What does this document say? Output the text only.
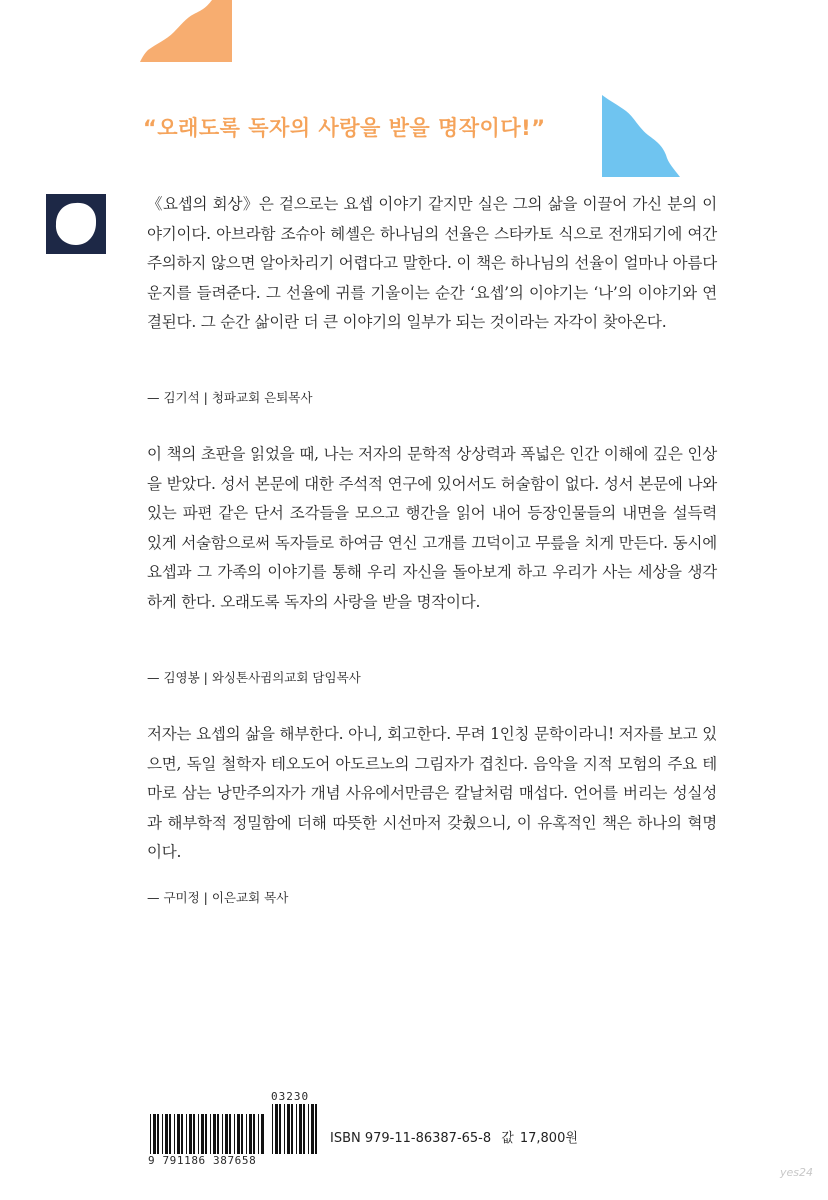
“오래도록 독자의 사랑을 받을 명작이다!”

《요셉의 회상》은 겉으로는 요셉 이야기 같지만 실은 그의 삶을 이끌어 가신 분의 이야기이다. 아브라함 조슈아 헤셸은 하나님의 선율은 스타카토 식으로 전개되기에 여간 주의하지 않으면 알아차리기 어렵다고 말한다. 이 책은 하나님의 선율이 얼마나 아름다운지를 들려준다. 그 선율에 귀를 기울이는 순간 ‘요셉’의 이야기는 ‘나’의 이야기와 연결된다. 그 순간 삶이란 더 큰 이야기의 일부가 되는 것이라는 자각이 찾아온다.

— 김기석 | 청파교회 은퇴목사

이 책의 초판을 읽었을 때, 나는 저자의 문학적 상상력과 폭넓은 인간 이해에 깊은 인상을 받았다. 성서 본문에 대한 주석적 연구에 있어서도 허술함이 없다. 성서 본문에 나와 있는 파편 같은 단서 조각들을 모으고 행간을 읽어 내어 등장인물들의 내면을 설득력 있게 서술함으로써 독자들로 하여금 연신 고개를 끄덕이고 무릎을 치게 만든다. 동시에 요셉과 그 가족의 이야기를 통해 우리 자신을 돌아보게 하고 우리가 사는 세상을 생각하게 한다. 오래도록 독자의 사랑을 받을 명작이다.

— 김영봉 | 와싱톤사귐의교회 담임목사

저자는 요셉의 삶을 해부한다. 아니, 회고한다. 무려 1인칭 문학이라니! 저자를 보고 있으면, 독일 철학자 테오도어 아도르노의 그림자가 겹친다. 음악을 지적 모험의 주요 테마로 삼는 낭만주의자가 개념 사유에서만큼은 칼날처럼 매섭다. 언어를 버리는 성실성과 해부학적 정밀함에 더해 따뜻한 시선마저 갖췄으니, 이 유혹적인 책은 하나의 혁명이다.

— 구미정 | 이은교회 목사
03230
9 791186 387658
ISBN 979-11-86387-65-8 값 17,800원
yes24
